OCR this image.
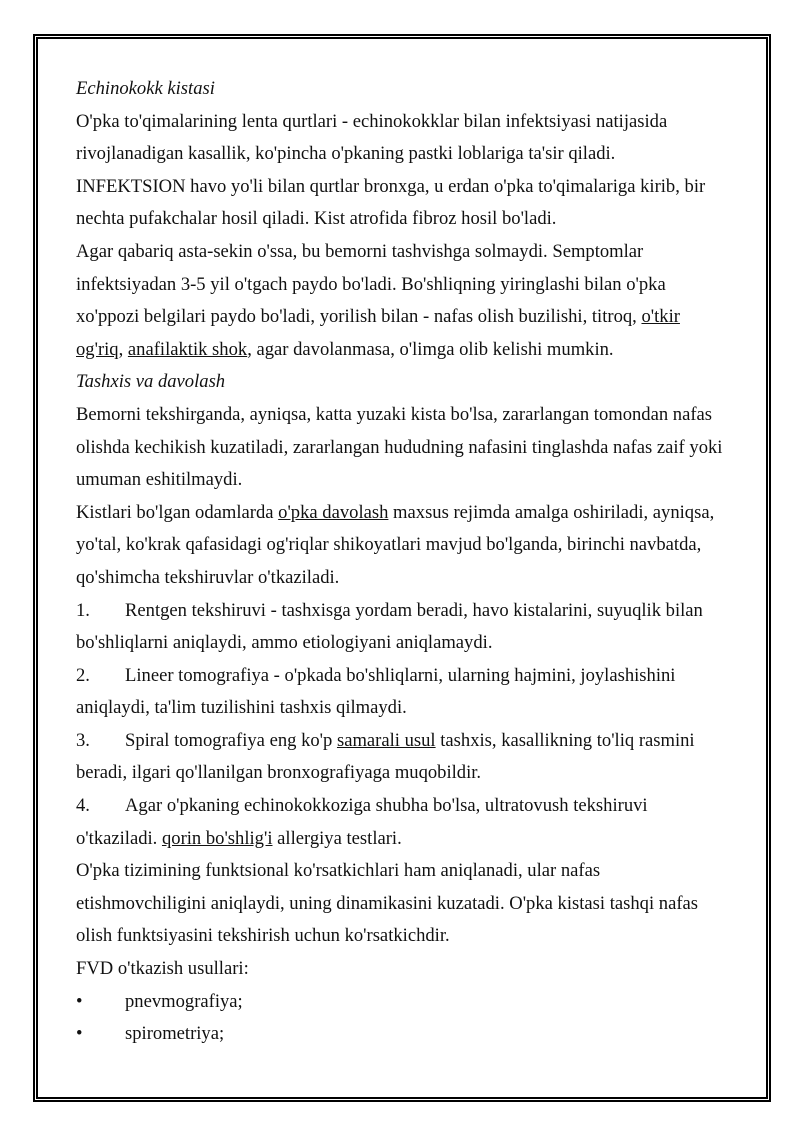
Echinokokk kistasi

O'pka to'qimalarining lenta qurtlari - echinokokklar bilan infektsiyasi natijasida rivojlanadigan kasallik, ko'pincha o'pkaning pastki loblariga ta'sir qiladi. INFEKTSION havo yo'li bilan qurtlar bronxga, u erdan o'pka to'qimalariga kirib, bir nechta pufakchalar hosil qiladi. Kist atrofida fibroz hosil bo'ladi.

Agar qabariq asta-sekin o'ssa, bu bemorni tashvishga solmaydi. Semptomlar infektsiyadan 3-5 yil o'tgach paydo bo'ladi. Bo'shliqning yiringlashi bilan o'pka xo'ppozi belgilari paydo bo'ladi, yorilish bilan - nafas olish buzilishi, titroq, o'tkir og'riq, anafilaktik shok, agar davolanmasa, o'limga olib kelishi mumkin.

Tashxis va davolash

Bemorni tekshirganda, ayniqsa, katta yuzaki kista bo'lsa, zararlangan tomondan nafas olishda kechikish kuzatiladi, zararlangan hududning nafasini tinglashda nafas zaif yoki umuman eshitilmaydi.

Kistlari bo'lgan odamlarda o'pka davolash maxsus rejimda amalga oshiriladi, ayniqsa, yo'tal, ko'krak qafasidagi og'riqlar shikoyatlari mavjud bo'lganda, birinchi navbatda, qo'shimcha tekshiruvlar o'tkaziladi.

1. Rentgen tekshiruvi - tashxisga yordam beradi, havo kistalarini, suyuqlik bilan bo'shliqlarni aniqlaydi, ammo etiologiyani aniqlamaydi.

2. Lineer tomografiya - o'pkada bo'shliqlarni, ularning hajmini, joylashishini aniqlaydi, ta'lim tuzilishini tashxis qilmaydi.

3. Spiral tomografiya eng ko'p samarali usul tashxis, kasallikning to'liq rasmini beradi, ilgari qo'llanilgan bronxografiyaga muqobildir.

4. Agar o'pkaning echinokokkoziga shubha bo'lsa, ultratovush tekshiruvi o'tkaziladi. qorin bo'shlig'i allergiya testlari.

O'pka tizimining funktsional ko'rsatkichlari ham aniqlanadi, ular nafas etishmovchiligini aniqlaydi, uning dinamikasini kuzatadi. O'pka kistasi tashqi nafas olish funktsiyasini tekshirish uchun ko'rsatkichdir.

FVD o'tkazish usullari:

•	pnevmografiya;
•	spirometriya;
